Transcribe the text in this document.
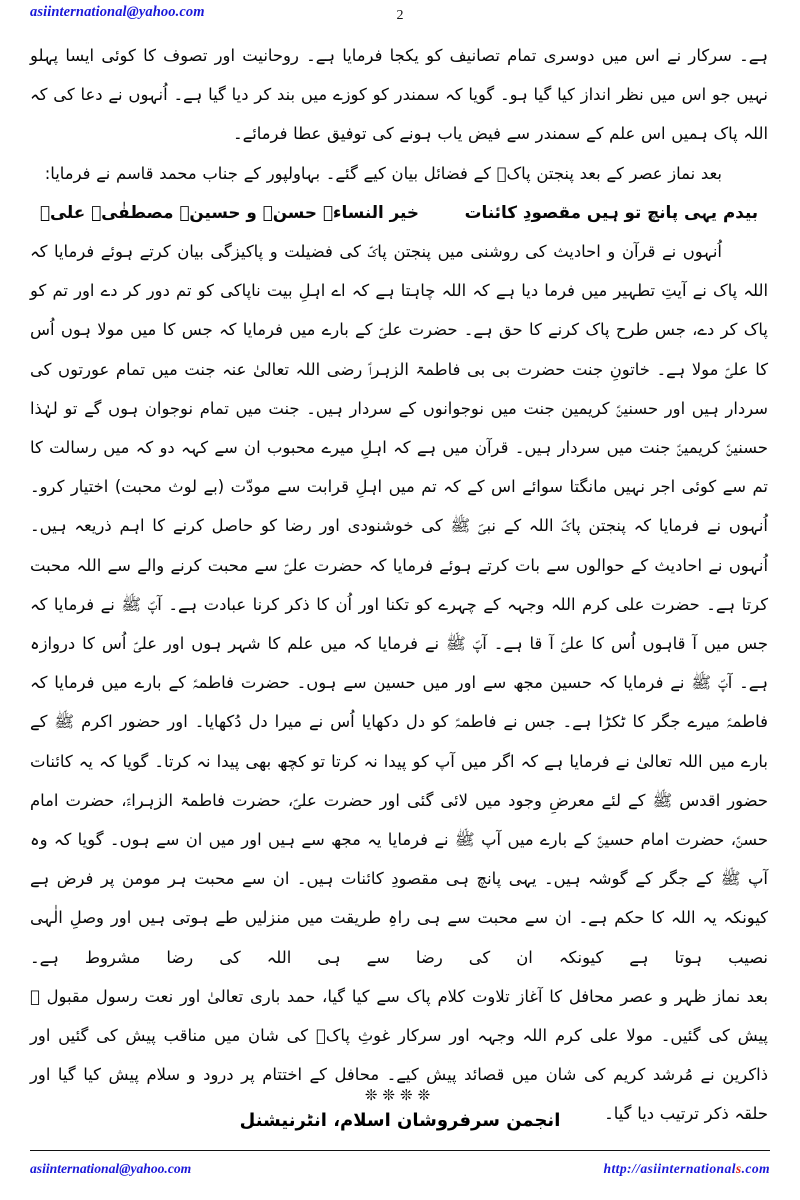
asiinternational@yahoo.com	2

ہے۔ سرکار نے اس میں دوسری تمام تصانیف کو یکجا فرمایا ہے۔ روحانیت اور تصوف کا کوئی ایسا پہلو نہیں جو اس میں نظر انداز کیا گیا ہو۔ گویا کہ سمندر کو کوزے میں بند کر دیا گیا ہے۔ اُنہوں نے دعا کی کہ اللہ پاک ہمیں اس علم کے سمندر سے فیض یاب ہونے کی توفیق عطا فرمائے۔

بعد نماز عصر کے بعد پنجتن پاکؑ کے فضائل بیان کیے گئے۔ بہاولپور کے جناب محمد قاسم نے فرمایا:

بیدم یہی پانچ تو ہیں مقصودِ کائنات  خیر النساءؑ حسنؑ و حسینؑ مصطفٰیؐ علیؑ

اُنہوں نے قرآن و احادیث کی روشنی میں پنجتن پاکؑ کی فضیلت و پاکیزگی بیان کرتے ہوئے فرمایا کہ اللہ پاک نے آیتِ تطہیر میں فرما دیا ہے کہ اللہ چاہتا ہے کہ اے اہلِ بیت ناپاکی کو تم دور کر دے اور تم کو پاک کر دے، جس طرح پاک کرنے کا حق ہے۔ حضرت علیؑ کے بارے میں فرمایا کہ جس کا میں مولا ہوں اُس کا علیؑ مولا ہے۔ خاتونِ جنت حضرت بی بی فاطمۃ الزہراؑ رضی اللہ تعالیٰ عنہ جنت میں تمام عورتوں کی سردار ہیں اور حسنینؑ کریمین جنت میں نوجوانوں کے سردار ہیں۔ جنت میں تمام نوجوان ہوں گے تو لہٰذا حسنینؑ کریمینؑ جنت میں سردار ہیں۔ قرآن میں ہے کہ اہلِ میرے محبوب ان سے کہہ دو کہ میں رسالت کا تم سے کوئی اجر نہیں مانگتا سوائے اس کے کہ تم میں اہلِ قرابت سے مودّت (بے لوث محبت) اختیار کرو۔ اُنہوں نے فرمایا کہ پنجتن پاکؑ اللہ کے نبیؐ ﷺ کی خوشنودی اور رضا کو حاصل کرنے کا اہم ذریعہ ہیں۔ اُنہوں نے احادیث کے حوالوں سے بات کرتے ہوئے فرمایا کہ حضرت علیؑ سے محبت کرنے والے سے اللہ محبت کرتا ہے۔ حضرت علی کرم اللہ وجہہ کے چہرے کو تکنا اور اُن کا ذکر کرنا عبادت ہے۔ آپؐ ﷺ نے فرمایا کہ جس میں آ قاہوں اُس کا علیؑ آ قا ہے۔ آپؐ ﷺ نے فرمایا کہ میں علم کا شہر ہوں اور علیؑ اُس کا دروازہ ہے۔ آپؐ ﷺ نے فرمایا کہ حسین مجھ سے اور میں حسین سے ہوں۔ حضرت فاطمہؑ کے بارے میں فرمایا کہ فاطمہؑ میرے جگر کا ٹکڑا ہے۔ جس نے فاطمہؑ کو دل دکھایا اُس نے میرا دل دُکھایا۔ اور حضور اکرم ﷺ کے بارے میں اللہ تعالیٰ نے فرمایا ہے کہ اگر میں آپ کو پیدا نہ کرتا تو کچھ بھی پیدا نہ کرتا۔ گویا کہ یہ کائنات حضور اقدس ﷺ کے لئے معرضِ وجود میں لائی گئی اور حضرت علیؑ، حضرت فاطمۃ الزہراءؑ، حضرت امام حسنؑ، حضرت امام حسینؑ کے بارے میں آپ ﷺ نے فرمایا یہ مجھ سے ہیں اور میں ان سے ہوں۔ گویا کہ وہ آپ ﷺ کے جگر کے گوشہ ہیں۔ یہی پانچ ہی مقصودِ کائنات ہیں۔ ان سے محبت ہر مومن پر فرض ہے کیونکہ یہ اللہ کا حکم ہے۔ ان سے محبت سے ہی راہِ طریقت میں منزلیں طے ہوتی ہیں اور وصلِ الٰہی نصیب ہوتا ہے کیونکہ ان کی رضا سے ہی اللہ کی رضا مشروط ہے۔

بعد نماز ظہر و عصر محافل کا آغاز تلاوت کلام پاک سے کیا گیا، حمد باری تعالیٰ اور نعت رسول مقبول ﷺ پیش کی گئیں۔ مولا علی کرم اللہ وجہہ اور سرکار غوثِ پاکؒ کی شان میں مناقب پیش کی گئیں اور ذاکرین نے مُرشد کریم کی شان میں قصائد پیش کیے۔ محافل کے اختتام پر درود و سلام پیش کیا گیا اور حلقہ ذکر ترتیب دیا گیا۔

❊❊❊❊
انجمن سرفروشان اسلام، انٹرنیشنل
asiinternational@yahoo.com	http://asiinternationals.com
